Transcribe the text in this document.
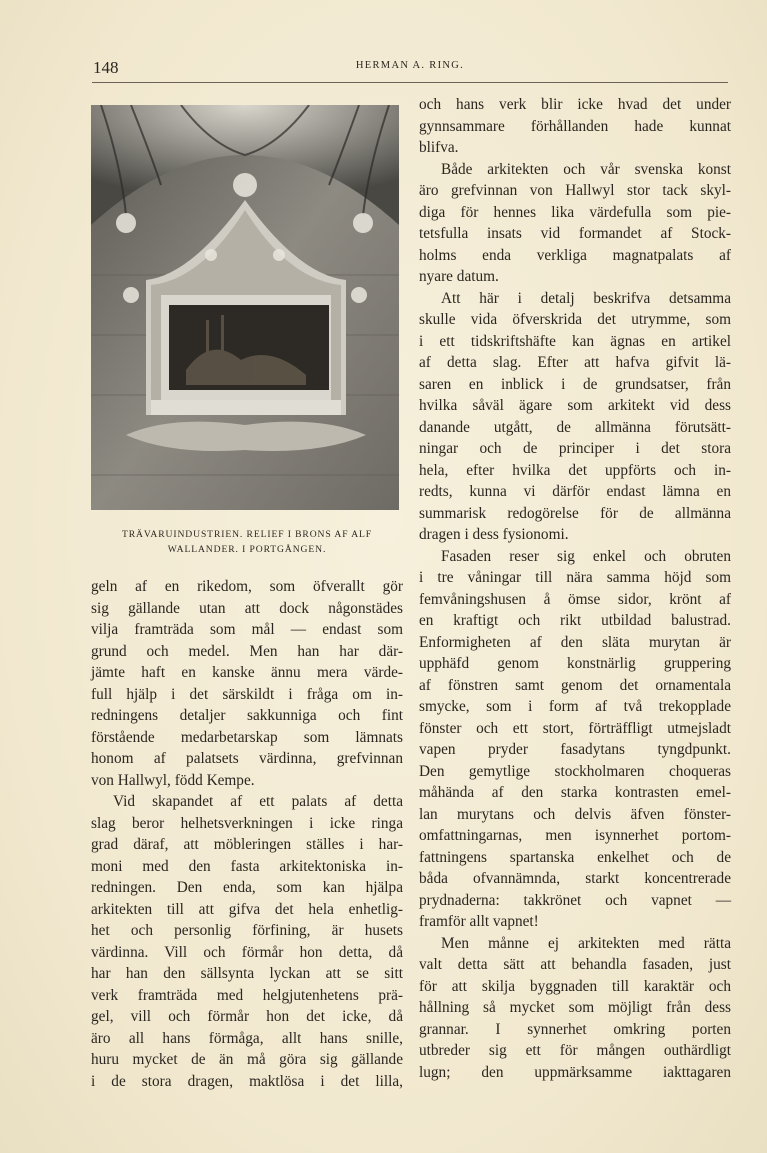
148	HERMAN A. RING.
TRÄVARUINDUSTRIEN. RELIEF I BRONS AF ALF
WALLANDER. I PORTGÅNGEN.
geln af en rikedom, som öfverallt gör
sig gällande utan att dock någonstädes
vilja framträda som mål — endast som
grund och medel. Men han har där-
jämte haft en kanske ännu mera värde-
full hjälp i det särskildt i fråga om in-
redningens detaljer sakkunniga och fint
förstående medarbetarskap som lämnats
honom af palatsets värdinna, grefvinnan
von Hallwyl, född Kempe.
Vid skapandet af ett palats af detta
slag beror helhetsverkningen i icke ringa
grad däraf, att möbleringen ställes i har-
moni med den fasta arkitektoniska in-
redningen. Den enda, som kan hjälpa
arkitekten till att gifva det hela enhetlig-
het och personlig förfining, är husets
värdinna. Vill och förmår hon detta, då
har han den sällsynta lyckan att se sitt
verk framträda med helgjutenhetens prä-
gel, vill och förmår hon det icke, då
äro all hans förmåga, allt hans snille,
huru mycket de än må göra sig gällande
i de stora dragen, maktlösa i det lilla,
och hans verk blir icke hvad det under
gynnsammare förhållanden hade kunnat
blifva.
Både arkitekten och vår svenska konst
äro grefvinnan von Hallwyl stor tack skyl-
diga för hennes lika värdefulla som pie-
tetsfulla insats vid formandet af Stock-
holms enda verkliga magnatpalats af
nyare datum.
Att här i detalj beskrifva detsamma
skulle vida öfverskrida det utrymme, som
i ett tidskriftshäfte kan ägnas en artikel
af detta slag. Efter att hafva gifvit lä-
saren en inblick i de grundsatser, från
hvilka såväl ägare som arkitekt vid dess
danande utgått, de allmänna förutsätt-
ningar och de principer i det stora
hela, efter hvilka det uppförts och in-
redts, kunna vi därför endast lämna en
summarisk redogörelse för de allmänna
dragen i dess fysionomi.
Fasaden reser sig enkel och obruten
i tre våningar till nära samma höjd som
femvåningshusen å ömse sidor, krönt af
en kraftigt och rikt utbildad balustrad.
Enformigheten af den släta murytan är
upphäfd genom konstnärlig gruppering
af fönstren samt genom det ornamentala
smycke, som i form af två trekopplade
fönster och ett stort, förträffligt utmejsladt
vapen pryder fasadytans tyngdpunkt.
Den gemytlige stockholmaren choqueras
måhända af den starka kontrasten emel-
lan murytans och delvis äfven fönster-
omfattningarnas, men isynnerhet portom-
fattningens spartanska enkelhet och de
båda ofvannämnda, starkt koncentrerade
prydnaderna: takkrönet och vapnet —
framför allt vapnet!
Men månne ej arkitekten med rätta
valt detta sätt att behandla fasaden, just
för att skilja byggnaden till karaktär och
hållning så mycket som möjligt från dess
grannar. I synnerhet omkring porten
utbreder sig ett för mången outhärdligt
lugn; den uppmärksamme iakttagaren
